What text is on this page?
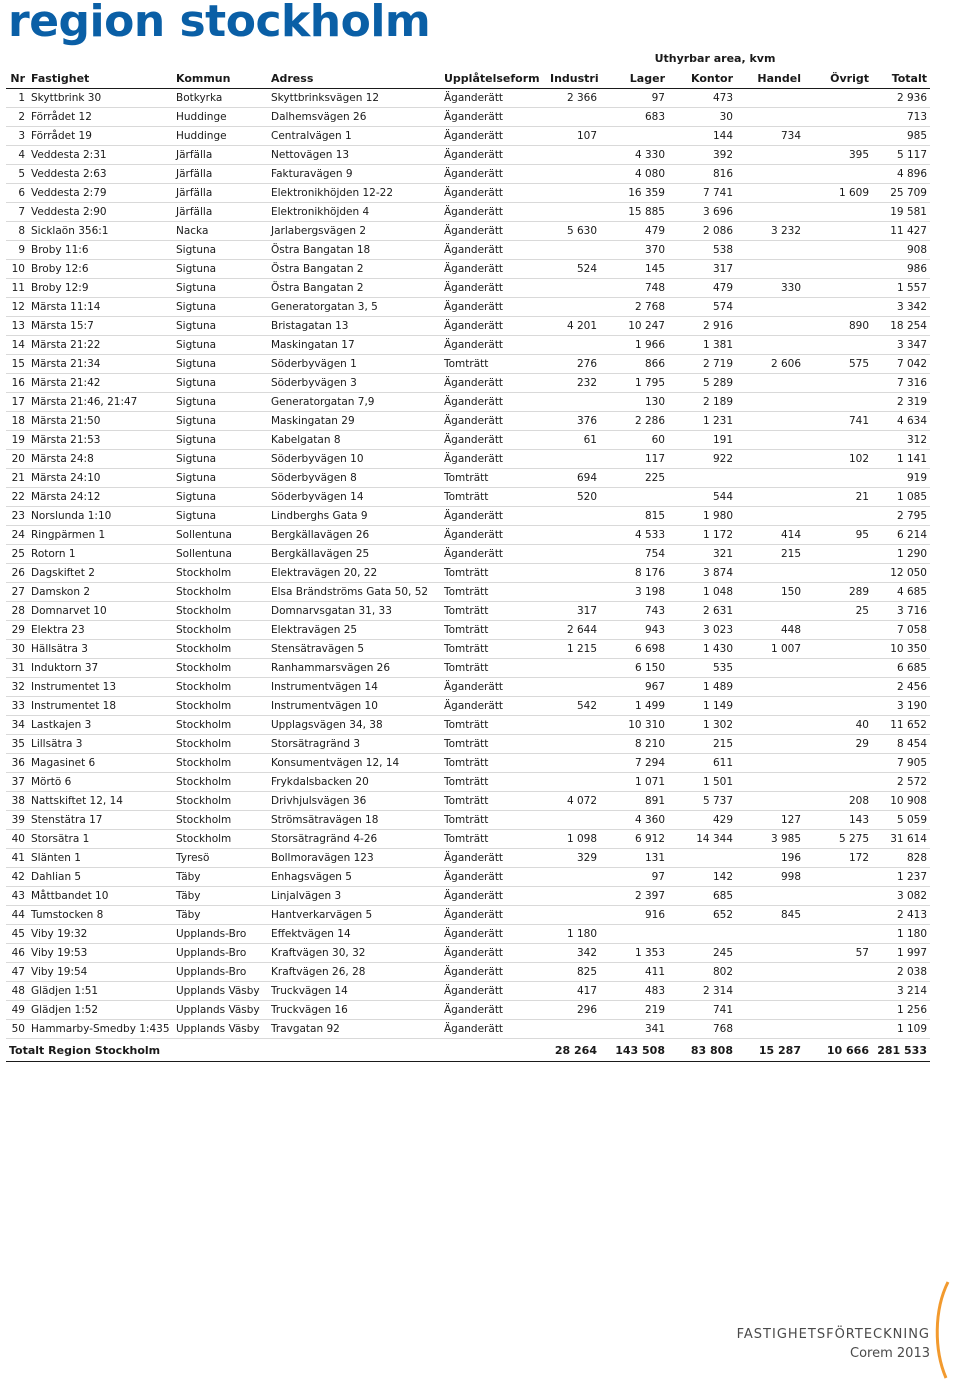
region stockholm
Uthyrbar area, kvm
Nr	Fastighet	Kommun	Adress	Upplåtelseform	Industri	Lager	Kontor	Handel	Övrigt	Totalt
1	Skyttbrink 30	Botkyrka	Skyttbrinksvägen 12	Äganderätt	2 366	97	473			2 936
2	Förrådet 12	Huddinge	Dalhemsvägen 26	Äganderätt		683	30			713
3	Förrådet 19	Huddinge	Centralvägen 1	Äganderätt	107		144	734		985
4	Veddesta 2:31	Järfälla	Nettovägen 13	Äganderätt		4 330	392		395	5 117
5	Veddesta 2:63	Järfälla	Fakturavägen 9	Äganderätt		4 080	816			4 896
6	Veddesta 2:79	Järfälla	Elektronikhöjden 12-22	Äganderätt		16 359	7 741		1 609	25 709
7	Veddesta 2:90	Järfälla	Elektronikhöjden 4	Äganderätt		15 885	3 696			19 581
8	Sicklaön 356:1	Nacka	Jarlabergsvägen 2	Äganderätt	5 630	479	2 086	3 232		11 427
9	Broby 11:6	Sigtuna	Östra Bangatan 18	Äganderätt		370	538			908
10	Broby 12:6	Sigtuna	Östra Bangatan 2	Äganderätt	524	145	317			986
11	Broby 12:9	Sigtuna	Östra Bangatan 2	Äganderätt		748	479	330		1 557
12	Märsta 11:14	Sigtuna	Generatorgatan 3, 5	Äganderätt		2 768	574			3 342
13	Märsta 15:7	Sigtuna	Bristagatan 13	Äganderätt	4 201	10 247	2 916		890	18 254
14	Märsta 21:22	Sigtuna	Maskingatan 17	Äganderätt		1 966	1 381			3 347
15	Märsta 21:34	Sigtuna	Söderbyvägen 1	Tomträtt	276	866	2 719	2 606	575	7 042
16	Märsta 21:42	Sigtuna	Söderbyvägen 3	Äganderätt	232	1 795	5 289			7 316
17	Märsta 21:46, 21:47	Sigtuna	Generatorgatan 7,9	Äganderätt		130	2 189			2 319
18	Märsta 21:50	Sigtuna	Maskingatan 29	Äganderätt	376	2 286	1 231		741	4 634
19	Märsta 21:53	Sigtuna	Kabelgatan 8	Äganderätt	61	60	191			312
20	Märsta 24:8	Sigtuna	Söderbyvägen 10	Äganderätt		117	922		102	1 141
21	Märsta 24:10	Sigtuna	Söderbyvägen 8	Tomträtt	694	225				919
22	Märsta 24:12	Sigtuna	Söderbyvägen 14	Tomträtt	520		544		21	1 085
23	Norslunda 1:10	Sigtuna	Lindberghs Gata 9	Äganderätt		815	1 980			2 795
24	Ringpärmen 1	Sollentuna	Bergkällavägen 26	Äganderätt		4 533	1 172	414	95	6 214
25	Rotorn 1	Sollentuna	Bergkällavägen 25	Äganderätt		754	321	215		1 290
26	Dagskiftet 2	Stockholm	Elektravägen 20, 22	Tomträtt		8 176	3 874			12 050
27	Damskon 2	Stockholm	Elsa Brändströms Gata 50, 52	Tomträtt		3 198	1 048	150	289	4 685
28	Domnarvet 10	Stockholm	Domnarvsgatan 31, 33	Tomträtt	317	743	2 631		25	3 716
29	Elektra 23	Stockholm	Elektravägen 25	Tomträtt	2 644	943	3 023	448		7 058
30	Hällsätra 3	Stockholm	Stensätravägen 5	Tomträtt	1 215	6 698	1 430	1 007		10 350
31	Induktorn 37	Stockholm	Ranhammarsvägen 26	Tomträtt		6 150	535			6 685
32	Instrumentet 13	Stockholm	Instrumentvägen 14	Äganderätt		967	1 489			2 456
33	Instrumentet 18	Stockholm	Instrumentvägen 10	Äganderätt	542	1 499	1 149			3 190
34	Lastkajen 3	Stockholm	Upplagsvägen 34, 38	Tomträtt		10 310	1 302		40	11 652
35	Lillsätra 3	Stockholm	Storsätragränd 3	Tomträtt		8 210	215		29	8 454
36	Magasinet 6	Stockholm	Konsumentvägen 12, 14	Tomträtt		7 294	611			7 905
37	Mörtö 6	Stockholm	Frykdalsbacken 20	Tomträtt		1 071	1 501			2 572
38	Nattskiftet 12, 14	Stockholm	Drivhjulsvägen 36	Tomträtt	4 072	891	5 737		208	10 908
39	Stenstätra 17	Stockholm	Strömsätravägen 18	Tomträtt		4 360	429	127	143	5 059
40	Storsätra 1	Stockholm	Storsätragränd 4-26	Tomträtt	1 098	6 912	14 344	3 985	5 275	31 614
41	Slänten 1	Tyresö	Bollmoravägen 123	Äganderätt	329	131		196	172	828
42	Dahlian 5	Täby	Enhagsvägen 5	Äganderätt		97	142	998		1 237
43	Måttbandet 10	Täby	Linjalvägen 3	Äganderätt		2 397	685			3 082
44	Tumstocken 8	Täby	Hantverkarvägen 5	Äganderätt		916	652	845		2 413
45	Viby 19:32	Upplands-Bro	Effektvägen 14	Äganderätt	1 180					1 180
46	Viby 19:53	Upplands-Bro	Kraftvägen 30, 32	Äganderätt	342	1 353	245		57	1 997
47	Viby 19:54	Upplands-Bro	Kraftvägen 26, 28	Äganderätt	825	411	802			2 038
48	Glädjen 1:51	Upplands Väsby	Truckvägen 14	Äganderätt	417	483	2 314			3 214
49	Glädjen 1:52	Upplands Väsby	Truckvägen 16	Äganderätt	296	219	741			1 256
50	Hammarby-Smedby 1:435	Upplands Väsby	Travgatan 92	Äganderätt		341	768			1 109
Totalt Region Stockholm					28 264	143 508	83 808	15 287	10 666	281 533
FASTIGHETSFÖRTECKNING
Corem 2013
